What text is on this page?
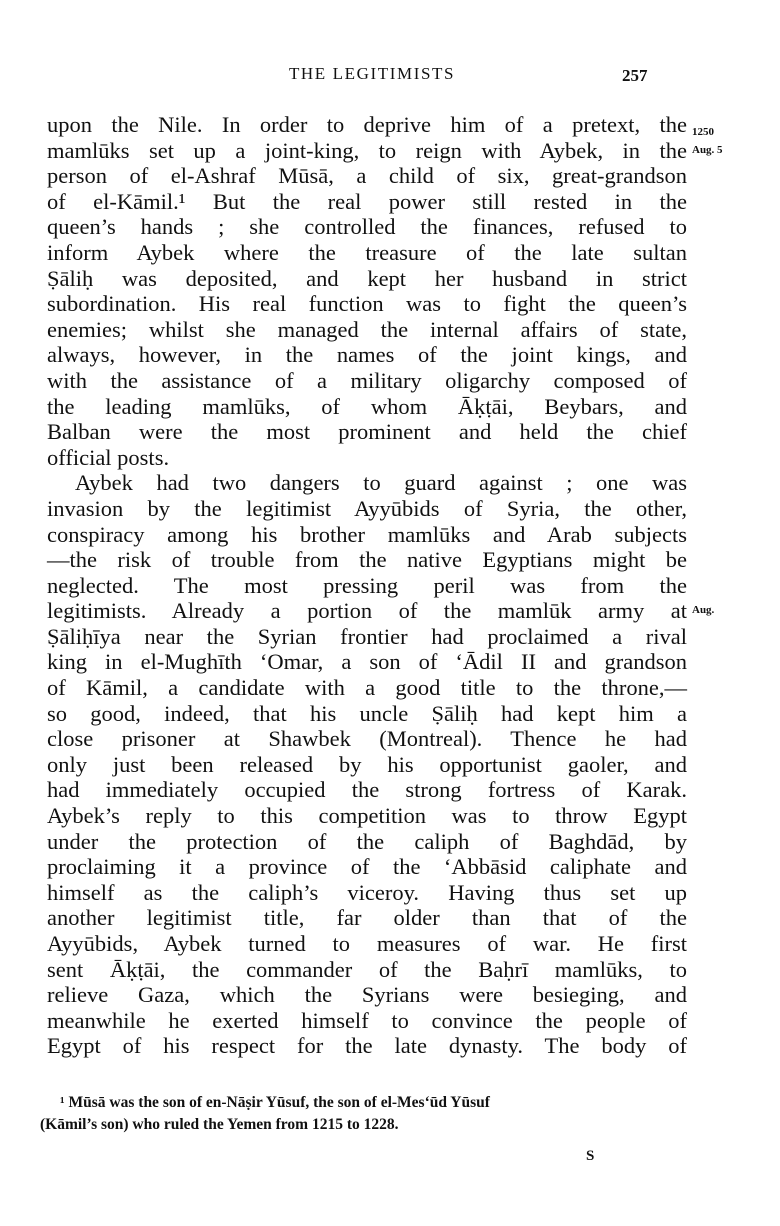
THE LEGITIMISTS	257
1250
Aug. 5
Aug.
upon the Nile. In order to deprive him of a pretext, the
mamlūks set up a joint-king, to reign with Aybek, in the
person of el-Ashraf Mūsā, a child of six, great-grandson
of el-Kāmil.¹ But the real power still rested in the
queen’s hands ; she controlled the finances, refused to
inform Aybek where the treasure of the late sultan
Ṣāliḥ was deposited, and kept her husband in strict
subordination. His real function was to fight the queen’s
enemies; whilst she managed the internal affairs of state,
always, however, in the names of the joint kings, and
with the assistance of a military oligarchy composed of
the leading mamlūks, of whom Āḳṭāi, Beybars, and
Balban were the most prominent and held the chief
official posts.
Aybek had two dangers to guard against ; one was
invasion by the legitimist Ayyūbids of Syria, the other,
conspiracy among his brother mamlūks and Arab subjects
—the risk of trouble from the native Egyptians might be
neglected. The most pressing peril was from the
legitimists. Already a portion of the mamlūk army at
Ṣāliḥīya near the Syrian frontier had proclaimed a rival
king in el-Mughīth ‘Omar, a son of ‘Ādil II and grandson
of Kāmil, a candidate with a good title to the throne,—
so good, indeed, that his uncle Ṣāliḥ had kept him a
close prisoner at Shawbek (Montreal). Thence he had
only just been released by his opportunist gaoler, and
had immediately occupied the strong fortress of Karak.
Aybek’s reply to this competition was to throw Egypt
under the protection of the caliph of Baghdād, by
proclaiming it a province of the ‘Abbāsid caliphate and
himself as the caliph’s viceroy. Having thus set up
another legitimist title, far older than that of the
Ayyūbids, Aybek turned to measures of war. He first
sent Āḳṭāi, the commander of the Baḥrī mamlūks, to
relieve Gaza, which the Syrians were besieging, and
meanwhile he exerted himself to convince the people of
Egypt of his respect for the late dynasty. The body of
¹ Mūsā was the son of en-Nāṣir Yūsuf, the son of el-Mes‘ūd Yūsuf
(Kāmil’s son) who ruled the Yemen from 1215 to 1228.
S
